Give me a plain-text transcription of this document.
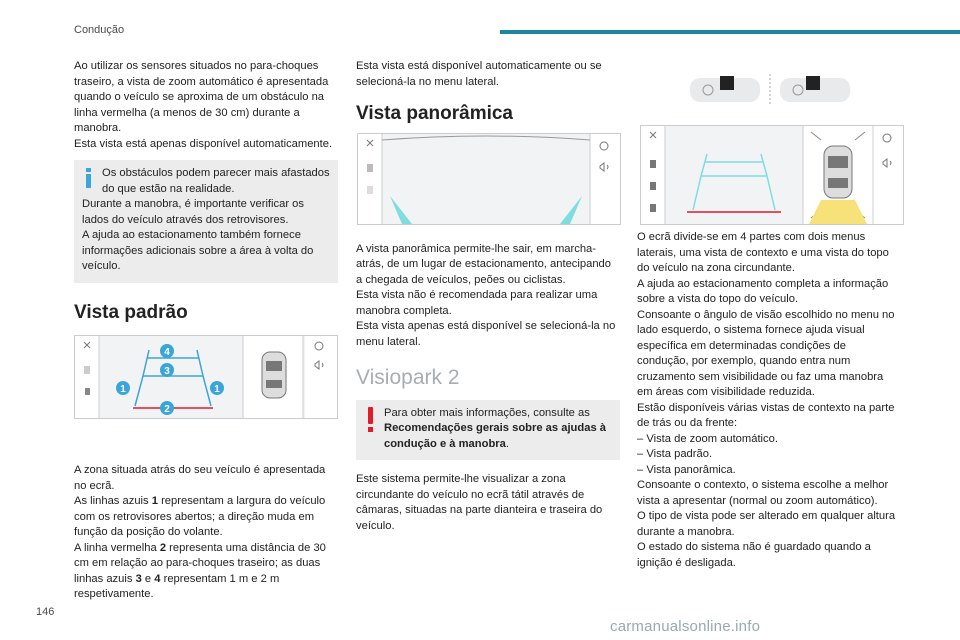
Condução

Ao utilizar os sensores situados no para-choques traseiro, a vista de zoom automático é apresentada quando o veículo se aproxima de um obstáculo na linha vermelha (a menos de 30 cm) durante a manobra.

Esta vista está apenas disponível automaticamente.

Os obstáculos podem parecer mais afastados do que estão na realidade.

Durante a manobra, é importante verificar os lados do veículo através dos retrovisores.

A ajuda ao estacionamento também fornece informações adicionais sobre a área à volta do veículo.

Vista padrão

A zona situada atrás do seu veículo é apresentada no ecrã.

As linhas azuis 1 representam a largura do veículo com os retrovisores abertos; a direção muda em função da posição do volante.

A linha vermelha 2 representa uma distância de 30 cm em relação ao para-choques traseiro; as duas linhas azuis 3 e 4 representam 1 m e 2 m respetivamente.

4
3
1	1
2

Esta vista está disponível automaticamente ou se selecioná-la no menu lateral.

Vista panorâmica

A vista panorâmica permite-lhe sair, em marcha-atrás, de um lugar de estacionamento, antecipando a chegada de veículos, peões ou ciclistas.

Esta vista não é recomendada para realizar uma manobra completa.

Esta vista apenas está disponível se selecioná-la no menu lateral.

Visiopark 2

Para obter mais informações, consulte as Recomendações gerais sobre as ajudas à condução e à manobra.

Este sistema permite-lhe visualizar a zona circundante do veículo no ecrã tátil através de câmaras, situadas na parte dianteira e traseira do veículo.

O ecrã divide-se em 4 partes com dois menus laterais, uma vista de contexto e uma vista do topo do veículo na zona circundante.

A ajuda ao estacionamento completa a informação sobre a vista do topo do veículo.

Consoante o ângulo de visão escolhido no menu no lado esquerdo, o sistema fornece ajuda visual específica em determinadas condições de condução, por exemplo, quando entra num cruzamento sem visibilidade ou faz uma manobra em áreas com visibilidade reduzida.

Estão disponíveis várias vistas de contexto na parte de trás ou da frente:

– Vista de zoom automático.

– Vista padrão.

– Vista panorâmica.

Consoante o contexto, o sistema escolhe a melhor vista a apresentar (normal ou zoom automático).

O tipo de vista pode ser alterado em qualquer altura durante a manobra.

O estado do sistema não é guardado quando a ignição é desligada.

146
carmanualsonline.info
